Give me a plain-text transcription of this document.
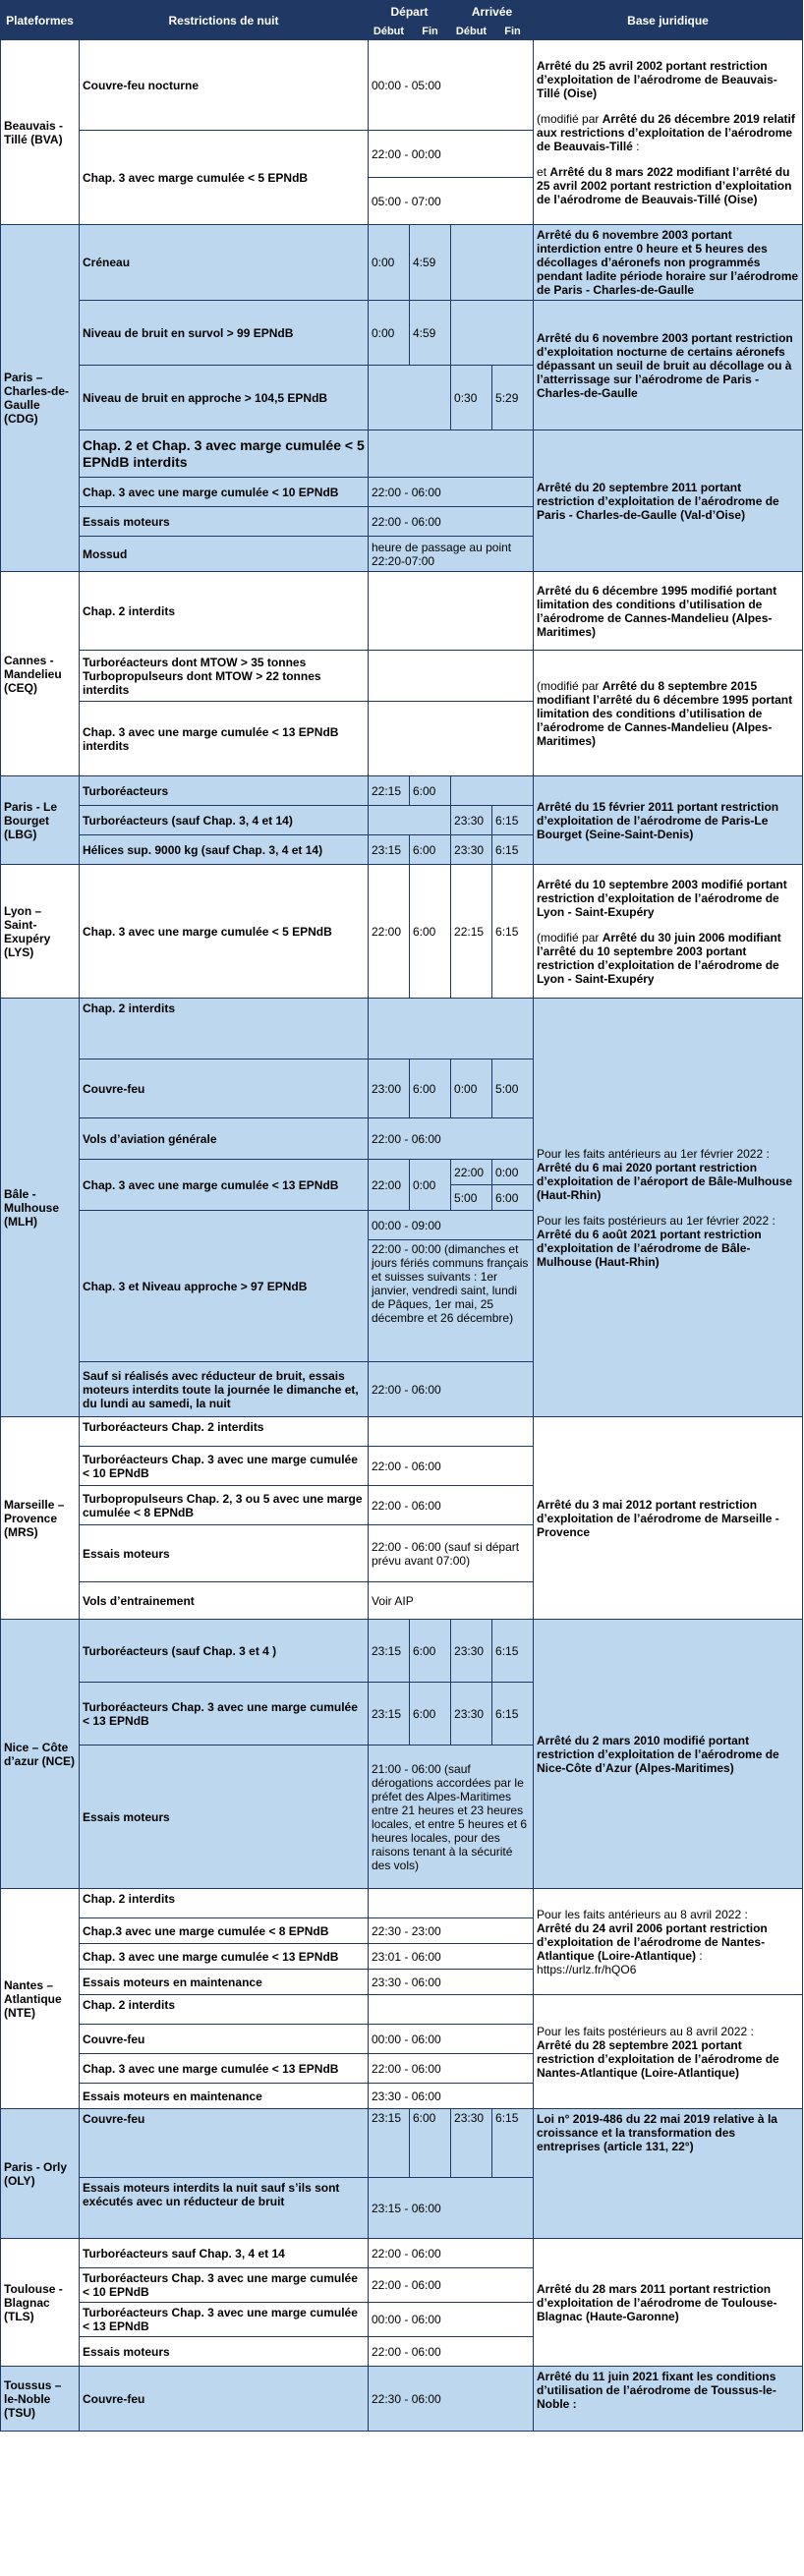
Plateformes	Restrictions de nuit	Départ		Arrivée		Base juridique
		Début	Fin	Début	Fin	
Beauvais - Tillé (BVA)	Couvre-feu nocturne	00:00 - 05:00				Arrêté du 25 avril 2002 portant restriction d’exploitation de l’aérodrome de Beauvais-Tillé (Oise)

(modifié par Arrêté du 26 décembre 2019 relatif aux restrictions d’exploitation de l’aérodrome de Beauvais-Tillé :

et Arrêté du 8 mars 2022 modifiant l’arrêté du 25 avril 2002 portant restriction d’exploitation de l’aérodrome de Beauvais-Tillé (Oise)

	Chap. 3 avec marge cumulée < 5 EPNdB	22:00 - 00:00				
		05:00 - 07:00				
Paris – Charles-de-Gaulle (CDG)	Créneau	0:00	4:59			Arrêté du 6 novembre 2003 portant interdiction entre 0 heure et 5 heures des décollages d’aéronefs non programmés pendant ladite période horaire sur l’aérodrome de Paris - Charles-de-Gaulle
	Niveau de bruit en survol > 99 EPNdB	0:00	4:59			Arrêté du 6 novembre 2003 portant restriction d’exploitation nocturne de certains aéronefs dépassant un seuil de bruit au décollage ou à l’atterrissage sur l’aérodrome de Paris - Charles-de-Gaulle
	Niveau de bruit en approche > 104,5 EPNdB			0:30	5:29	
	Chap. 2 et Chap. 3 avec marge cumulée < 5 EPNdB interdits					Arrêté du 20 septembre 2011 portant restriction d’exploitation de l’aérodrome de Paris - Charles-de-Gaulle (Val-d’Oise)
	Chap. 3 avec une marge cumulée < 10 EPNdB	22:00 - 06:00				
	Essais moteurs	22:00 - 06:00				
	Mossud	heure de passage au point 22:20-07:00				
Cannes - Mandelieu (CEQ)	Chap. 2 interdits					Arrêté du 6 décembre 1995 modifié portant limitation des conditions d’utilisation de l’aérodrome de Cannes-Mandelieu (Alpes-Maritimes)
	Turboréacteurs dont MTOW > 35 tonnes Turbopropulseurs dont MTOW > 22 tonnes interdits					(modifié par Arrêté du 8 septembre 2015 modifiant l’arrêté du 6 décembre 1995 portant limitation des conditions d’utilisation de l’aérodrome de Cannes-Mandelieu (Alpes-Maritimes)

	Chap. 3 avec une marge cumulée < 13 EPNdB interdits					
Paris - Le Bourget (LBG)	Turboréacteurs	22:15	6:00			Arrêté du 15 février 2011 portant restriction d’exploitation de l’aérodrome de Paris-Le Bourget (Seine-Saint-Denis)
	Turboréacteurs (sauf Chap. 3, 4 et 14)			23:30	6:15	
	Hélices sup. 9000 kg (sauf Chap. 3, 4 et 14)	23:15	6:00	23:30	6:15	
Lyon – Saint-Exupéry (LYS)	Chap. 3 avec une marge cumulée < 5 EPNdB	22:00	6:00	22:15	6:15	Arrêté du 10 septembre 2003 modifié portant restriction d’exploitation de l’aérodrome de Lyon - Saint-Exupéry

(modifié par Arrêté du 30 juin 2006 modifiant l’arrêté du 10 septembre 2003 portant restriction d’exploitation de l’aérodrome de Lyon - Saint-Exupéry

Bâle - Mulhouse (MLH)	Chap. 2 interdits					Pour les faits antérieurs au 1er février 2022 :
Arrêté du 6 mai 2020 portant restriction d’exploitation de l’aéroport de Bâle-Mulhouse (Haut-Rhin)

Pour les faits postérieurs au 1er février 2022 :
Arrêté du 6 août 2021 portant restriction d’exploitation de l’aérodrome de Bâle-Mulhouse (Haut-Rhin)

	Couvre-feu	23:00	6:00	0:00	5:00	
	Vols d’aviation générale	22:00 - 06:00				
	Chap. 3 avec une marge cumulée < 13 EPNdB	22:00	0:00	22:00	0:00	
				5:00	6:00	
	Chap. 3 et Niveau approche > 97 EPNdB	00:00 - 09:00				
		22:00 - 00:00 (dimanches et jours fériés communs français et suisses suivants : 1er janvier, vendredi saint, lundi de Pâques, 1er mai, 25 décembre et 26 décembre)				
	Sauf si réalisés avec réducteur de bruit, essais moteurs interdits toute la journée le dimanche et, du lundi au samedi, la nuit	22:00 - 06:00				
Marseille – Provence (MRS)	Turboréacteurs Chap. 2 interdits					Arrêté du 3 mai 2012 portant restriction d’exploitation de l’aérodrome de Marseille - Provence
	Turboréacteurs Chap. 3 avec une marge cumulée < 10 EPNdB	22:00 - 06:00				
	Turbopropulseurs Chap. 2, 3 ou 5 avec une marge cumulée < 8 EPNdB	22:00 - 06:00				
	Essais moteurs	22:00 - 06:00 (sauf si départ prévu avant 07:00)				
	Vols d’entrainement	Voir AIP				
Nice – Côte d’azur (NCE)	Turboréacteurs (sauf Chap. 3 et 4 )	23:15	6:00	23:30	6:15	Arrêté du 2 mars 2010 modifié portant restriction d’exploitation de l’aérodrome de Nice-Côte d’Azur (Alpes-Maritimes)
	Turboréacteurs Chap. 3 avec une marge cumulée < 13 EPNdB	23:15	6:00	23:30	6:15	
	Essais moteurs	21:00 - 06:00 (sauf dérogations accordées par le préfet des Alpes-Maritimes entre 21 heures et 23 heures locales, et entre 5 heures et 6 heures locales, pour des raisons tenant à la sécurité des vols)				
Nantes – Atlantique (NTE)	Chap. 2 interdits					Pour les faits antérieurs au 8 avril 2022 :
Arrêté du 24 avril 2006 portant restriction d’exploitation de l’aérodrome de Nantes-Atlantique (Loire-Atlantique) : https://urlz.fr/hQO6

	Chap.3 avec une marge cumulée < 8 EPNdB	22:30 - 23:00				
	Chap. 3 avec une marge cumulée < 13 EPNdB	23:01 - 06:00				
	Essais moteurs en maintenance	23:30 - 06:00				
	Chap. 2 interdits					Pour les faits postérieurs au 8 avril 2022 :
Arrêté du 28 septembre 2021 portant restriction d’exploitation de l’aérodrome de Nantes-Atlantique (Loire-Atlantique)

	Couvre-feu	00:00 - 06:00				
	Chap. 3 avec une marge cumulée < 13 EPNdB	22:00 - 06:00				
	Essais moteurs en maintenance	23:30 - 06:00				
Paris - Orly (OLY)	Couvre-feu	23:15	6:00	23:30	6:15	Loi n° 2019-486 du 22 mai 2019 relative à la croissance et la transformation des entreprises (article 131, 22°)
	Essais moteurs interdits la nuit sauf s’ils sont exécutés avec un réducteur de bruit	23:15 - 06:00				
Toulouse - Blagnac (TLS)	Turboréacteurs sauf Chap. 3, 4 et 14	22:00 - 06:00				Arrêté du 28 mars 2011 portant restriction d’exploitation de l’aérodrome de Toulouse-Blagnac (Haute-Garonne)
	Turboréacteurs Chap. 3 avec une marge cumulée < 10 EPNdB	22:00 - 06:00				
	Turboréacteurs Chap. 3 avec une marge cumulée < 13 EPNdB	00:00 - 06:00				
	Essais moteurs	22:00 - 06:00				
Toussus – le-Noble (TSU)	Couvre-feu	22:30 - 06:00				Arrêté du 11 juin 2021 fixant les conditions d’utilisation de l’aérodrome de Toussus-le-Noble :
